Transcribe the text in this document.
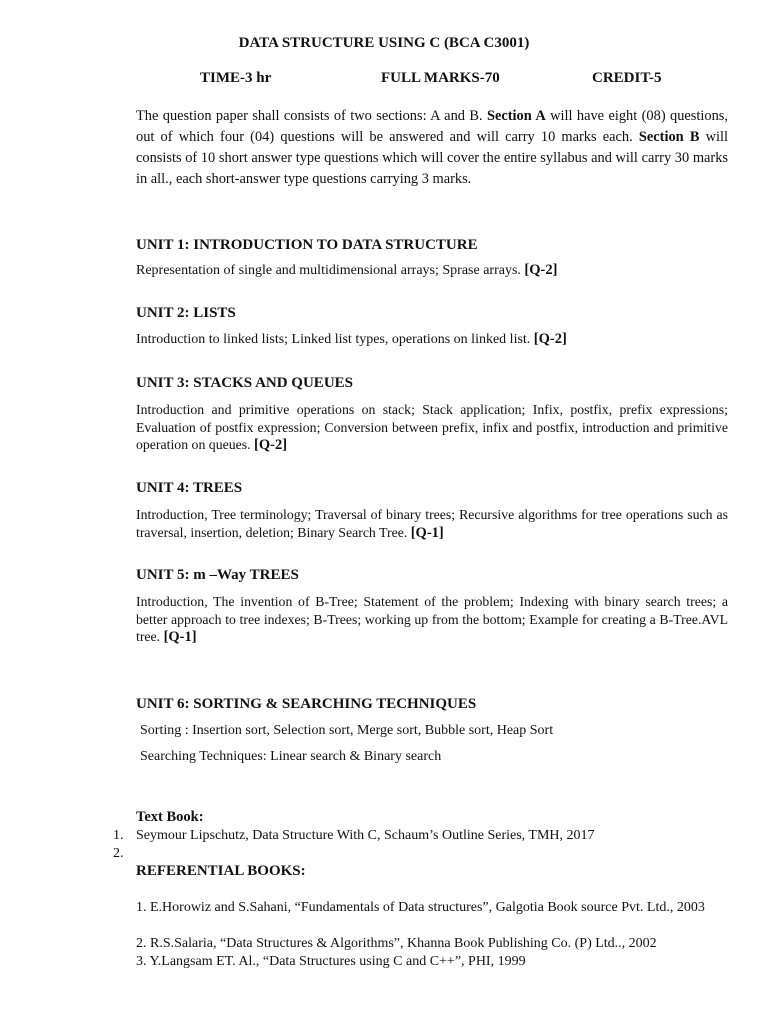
DATA STRUCTURE USING C (BCA C3001)
TIME-3 hr	FULL MARKS-70	CREDIT-5
The question paper shall consists of two sections: A and B. Section A will have eight (08) questions, out of which four (04) questions will be answered and will carry 10 marks each. Section B will consists of 10 short answer type questions which will cover the entire syllabus and will carry 30 marks in all., each short-answer type questions carrying 3 marks.
UNIT 1: INTRODUCTION TO DATA STRUCTURE
Representation of single and multidimensional arrays; Sprase arrays. [Q-2]
UNIT 2: LISTS
Introduction to linked lists; Linked list types, operations on linked list. [Q-2]
UNIT 3: STACKS AND QUEUES
Introduction and primitive operations on stack; Stack application; Infix, postfix, prefix expressions; Evaluation of postfix expression; Conversion between prefix, infix and postfix, introduction and primitive operation on queues. [Q-2]
UNIT 4: TREES
Introduction, Tree terminology; Traversal of binary trees; Recursive algorithms for tree operations such as traversal, insertion, deletion; Binary Search Tree. [Q-1]
UNIT 5: m –Way TREES
Introduction, The invention of B-Tree; Statement of the problem; Indexing with binary search trees; a better approach to tree indexes; B-Trees; working up from the bottom; Example for creating a B-Tree.AVL tree. [Q-1]
UNIT 6: SORTING & SEARCHING TECHNIQUES
Sorting : Insertion sort, Selection sort, Merge sort, Bubble sort, Heap Sort
Searching Techniques: Linear search & Binary search
Text Book:
1. Seymour Lipschutz, Data Structure With C, Schaum’s Outline Series, TMH, 2017
2.
REFERENTIAL BOOKS:
1. E.Horowiz and S.Sahani, “Fundamentals of Data structures”, Galgotia Book source Pvt. Ltd., 2003
2. R.S.Salaria, “Data Structures & Algorithms”, Khanna Book Publishing Co. (P) Ltd.., 2002
3. Y.Langsam ET. Al., “Data Structures using C and C++”, PHI, 1999
